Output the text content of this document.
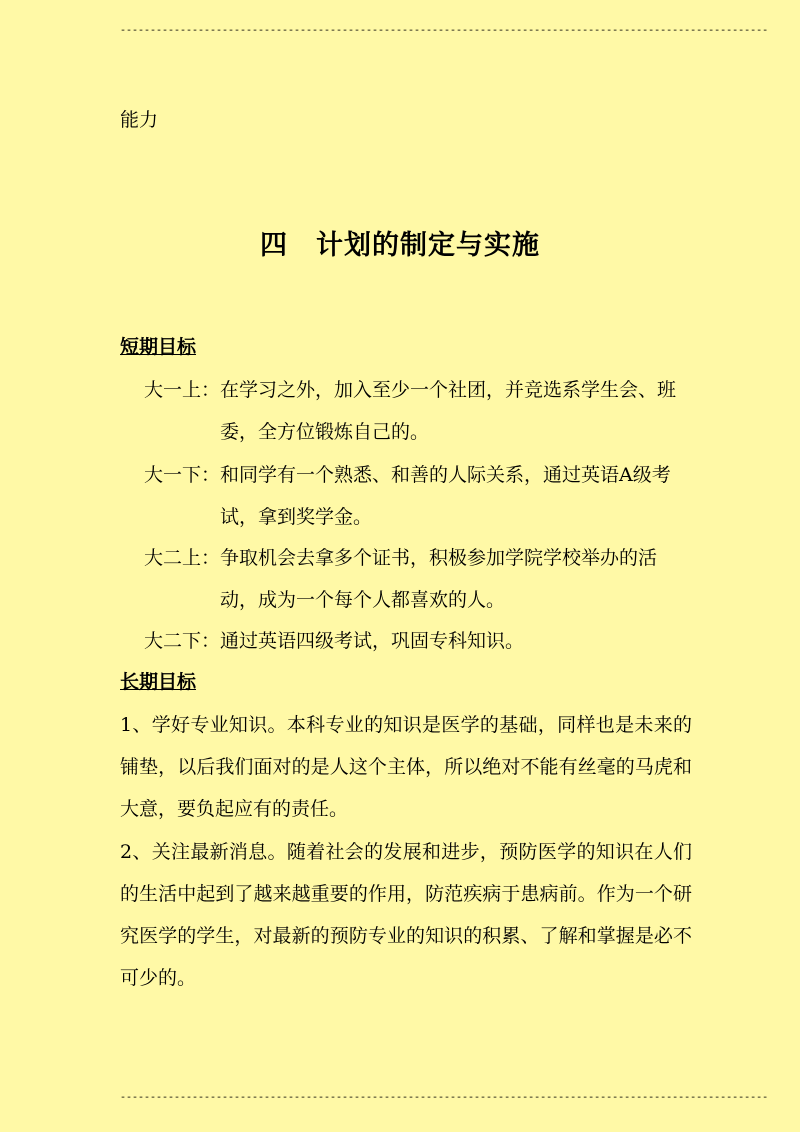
------------------------------------------------------------------------------------------------------------
能力
四 计划的制定与实施
短期目标
大一上： 在学习之外，加入至少一个社团，并竞选系学生会、班委，全方位锻炼自己的。
大一下： 和同学有一个熟悉、和善的人际关系，通过英语A级考试，拿到奖学金。
大二上： 争取机会去拿多个证书，积极参加学院学校举办的活动，成为一个每个人都喜欢的人。
大二下： 通过英语四级考试，巩固专科知识。
长期目标
1、学好专业知识。本科专业的知识是医学的基础，同样也是未来的铺垫，以后我们面对的是人这个主体，所以绝对不能有丝毫的马虎和大意，要负起应有的责任。
2、关注最新消息。随着社会的发展和进步，预防医学的知识在人们的生活中起到了越来越重要的作用，防范疾病于患病前。作为一个研究医学的学生，对最新的预防专业的知识的积累、了解和掌握是必不可少的。
------------------------------------------------------------------------------------------------------------
